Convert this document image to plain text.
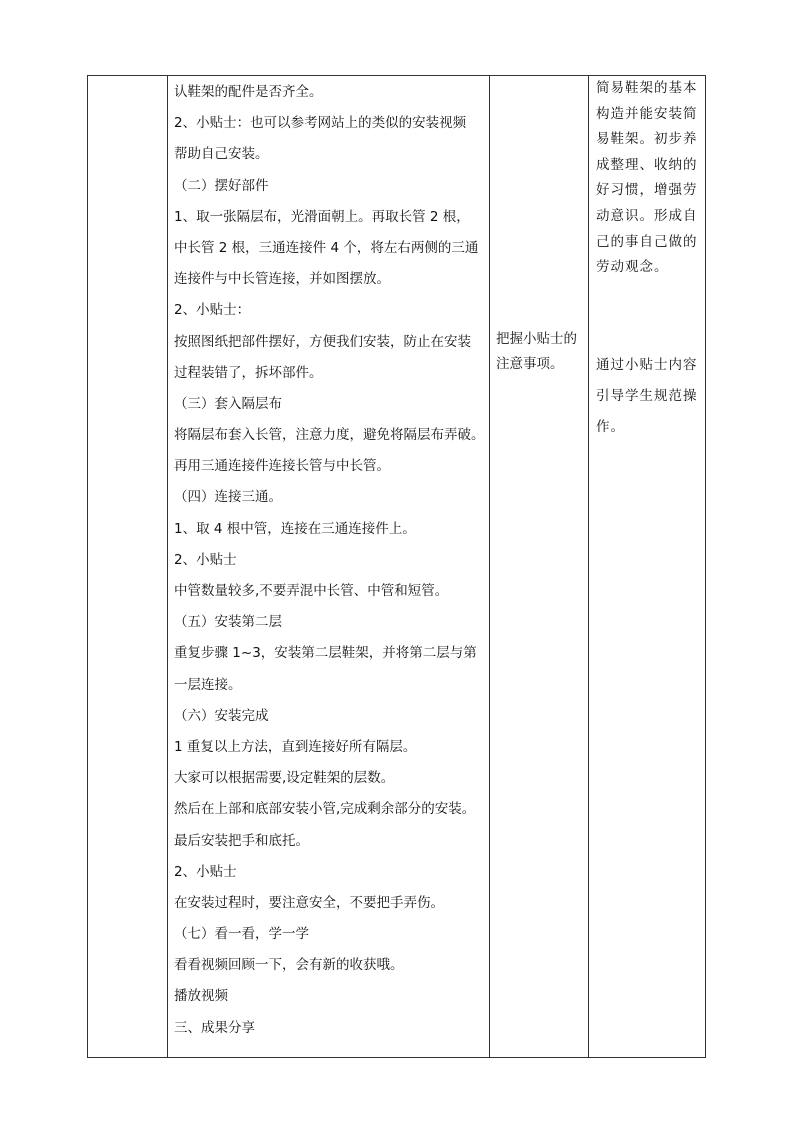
认鞋架的配件是否齐全。
2、小贴士：也可以参考网站上的类似的安装视频
帮助自己安装。
（二）摆好部件
1、取一张隔层布，光滑面朝上。再取长管 2 根，
中长管 2 根，三通连接件 4 个，将左右两侧的三通
连接件与中长管连接，并如图摆放。
2、小贴士：
按照图纸把部件摆好，方便我们安装，防止在安装
过程装错了，拆坏部件。
（三）套入隔层布
将隔层布套入长管，注意力度，避免将隔层布弄破。
再用三通连接件连接长管与中长管。
（四）连接三通。
1、取 4 根中管，连接在三通连接件上。
2、小贴士
中管数量较多,不要弄混中长管、中管和短管。
（五）安装第二层
重复步骤 1~3，安装第二层鞋架，并将第二层与第
一层连接。
（六）安装完成
1 重复以上方法，直到连接好所有隔层。
大家可以根据需要,设定鞋架的层数。
然后在上部和底部安装小管,完成剩余部分的安装。
最后安装把手和底托。
2、小贴士
在安装过程时，要注意安全，不要把手弄伤。
（七）看一看，学一学
看看视频回顾一下，会有新的收获哦。
播放视频
三、成果分享
把握小贴士的
注意事项。
简易鞋架的基本
构造并能安装简
易鞋架。初步养
成整理、收纳的
好习惯，增强劳
动意识。形成自
己的事自己做的
劳动观念。
通过小贴士内容
引导学生规范操
作。
